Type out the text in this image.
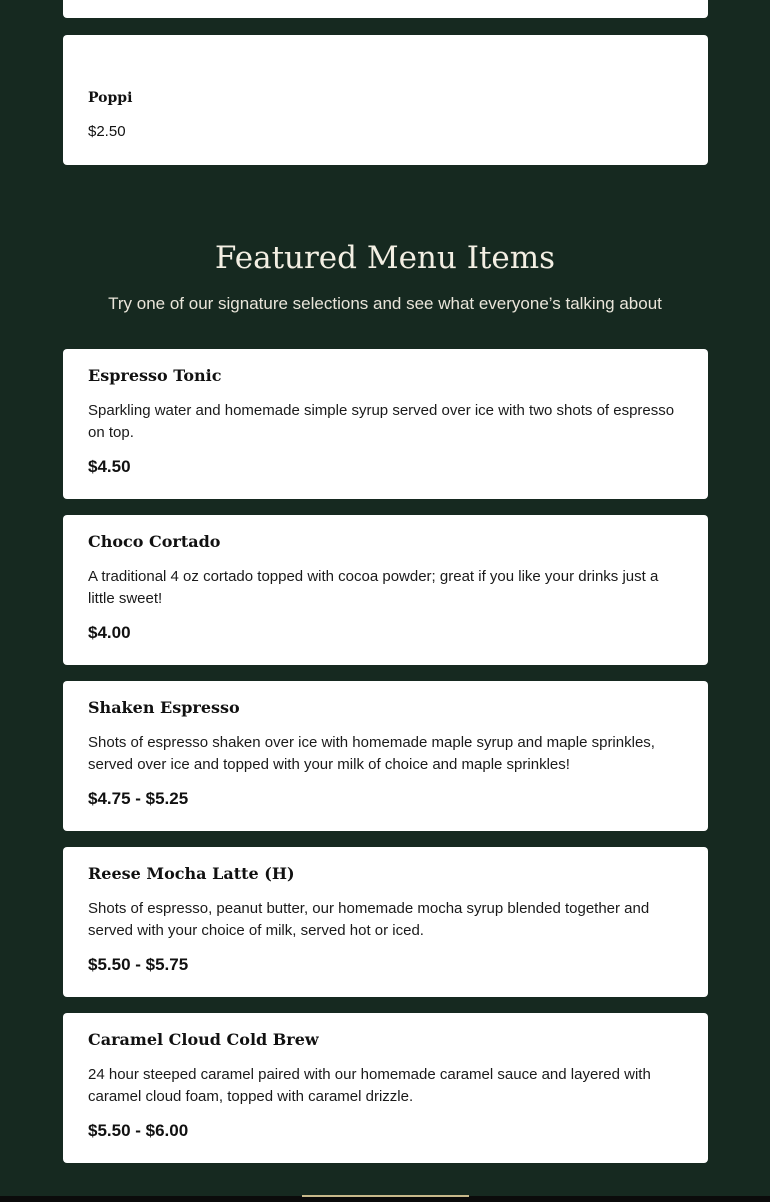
Poppi

$2.50

Featured Menu Items

Try one of our signature selections and see what everyone’s talking about

Espresso Tonic

Sparkling water and homemade simple syrup served over ice with two shots of espresso on top.

$4.50

Choco Cortado

A traditional 4 oz cortado topped with cocoa powder; great if you like your drinks just a little sweet!

$4.00

Shaken Espresso

Shots of espresso shaken over ice with homemade maple syrup and maple sprinkles, served over ice and topped with your milk of choice and maple sprinkles!

$4.75 - $5.25

Reese Mocha Latte (H)

Shots of espresso, peanut butter, our homemade mocha syrup blended together and served with your choice of milk, served hot or iced.

$5.50 - $5.75

Caramel Cloud Cold Brew

24 hour steeped caramel paired with our homemade caramel sauce and layered with caramel cloud foam, topped with caramel drizzle.

$5.50 - $6.00
